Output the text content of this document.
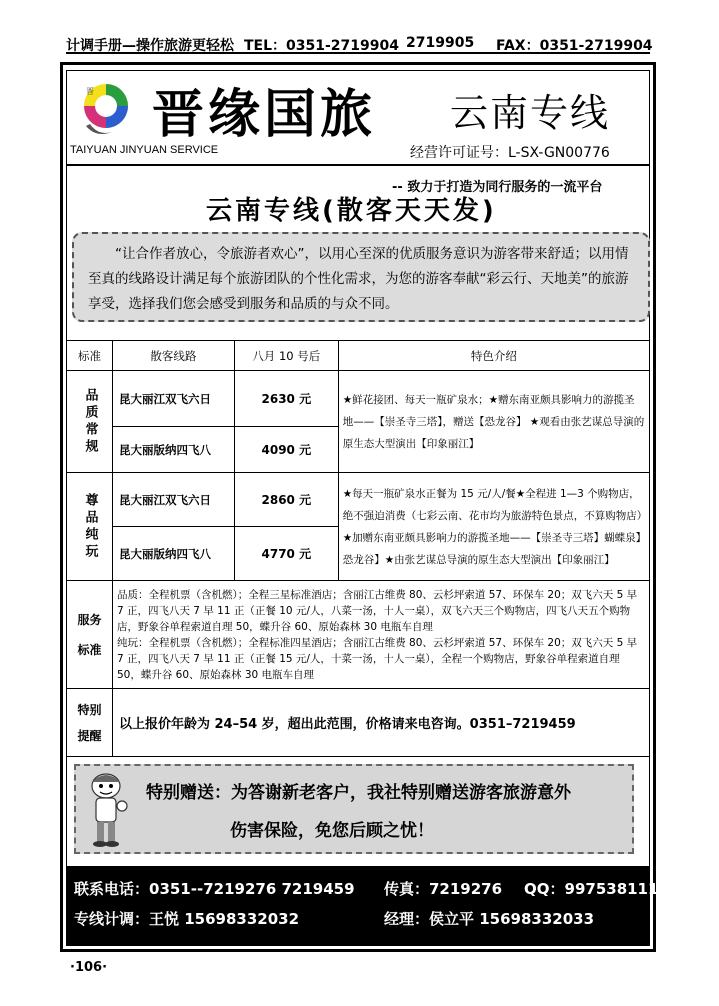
计调手册—操作旅游更轻松 TEL：0351-2719904 2719905 FAX：0351-2719904
晋 晋缘国旅 云南专线
TAIYUAN JINYUAN SERVICE	经营许可证号：L-SX-GN00776
-- 致力于打造为同行服务的一流平台
云南专线(散客天天发)

“让合作者放心，令旅游者欢心”，以用心至深的优质服务意识为游客带来舒适；以用情至真的线路设计满足每个旅游团队的个性化需求，为您的游客奉献“彩云行、天地美”的旅游享受，选择我们您会感受到服务和品质的与众不同。

标准	散客线路	八月 10 号后	特色介绍
品质常规	昆大丽江双飞六日	2630 元	★鲜花接团、每天一瓶矿泉水；★赠东南亚颇具影响力的游揽圣地——【崇圣寺三塔】，赠送【恐龙谷】 ★观看由张艺谋总导演的原生态大型演出【印象丽江】
	昆大丽版纳四飞八	4090 元	
尊品纯玩	昆大丽江双飞六日	2860 元	★每天一瓶矿泉水正餐为 15 元/人/餐★全程进 1—3 个购物店，绝不强迫消费（七彩云南、花市均为旅游特色景点，不算购物店）★加赠东南亚颇具影响力的游揽圣地——【崇圣寺三塔】蝴蝶泉】恐龙谷】★由张艺谋总导演的原生态大型演出【印象丽江】
	昆大丽版纳四飞八	4770 元	
服务标准	品质：全程机票（含机燃）；全程三星标准酒店；含丽江古维费 80、云杉坪索道 57、环保车 20；双飞六天 5 早 7 正，四飞八天 7 早 11 正（正餐 10 元/人，八菜一汤，十人一桌），双飞六天三个购物店，四飞八天五个购物店，野象谷单程索道自理 50，蝶升谷 60、原始森林 30 电瓶车自理
纯玩：全程机票（含机燃）；全程标准四星酒店；含丽江古维费 80、云杉坪索道 57、环保车 20；双飞六天 5 早 7 正，四飞八天 7 早 11 正（正餐 15 元/人，十菜一汤，十人一桌），全程一个购物店，野象谷单程索道自理 50，蝶升谷 60、原始森林 30 电瓶车自理		

特别提醒	以上报价年龄为 24–54 岁，超出此范围，价格请来电咨询。0351–7219459		
特别赠送：为答谢新老客户，我社特别赠送游客旅游意外
伤害保险，免您后顾之忧！
联系电话：0351--7219276 7219459 传真：7219276 QQ：997538111
专线计调：王悦 15698332032	经理：侯立平 15698332033
·106·
